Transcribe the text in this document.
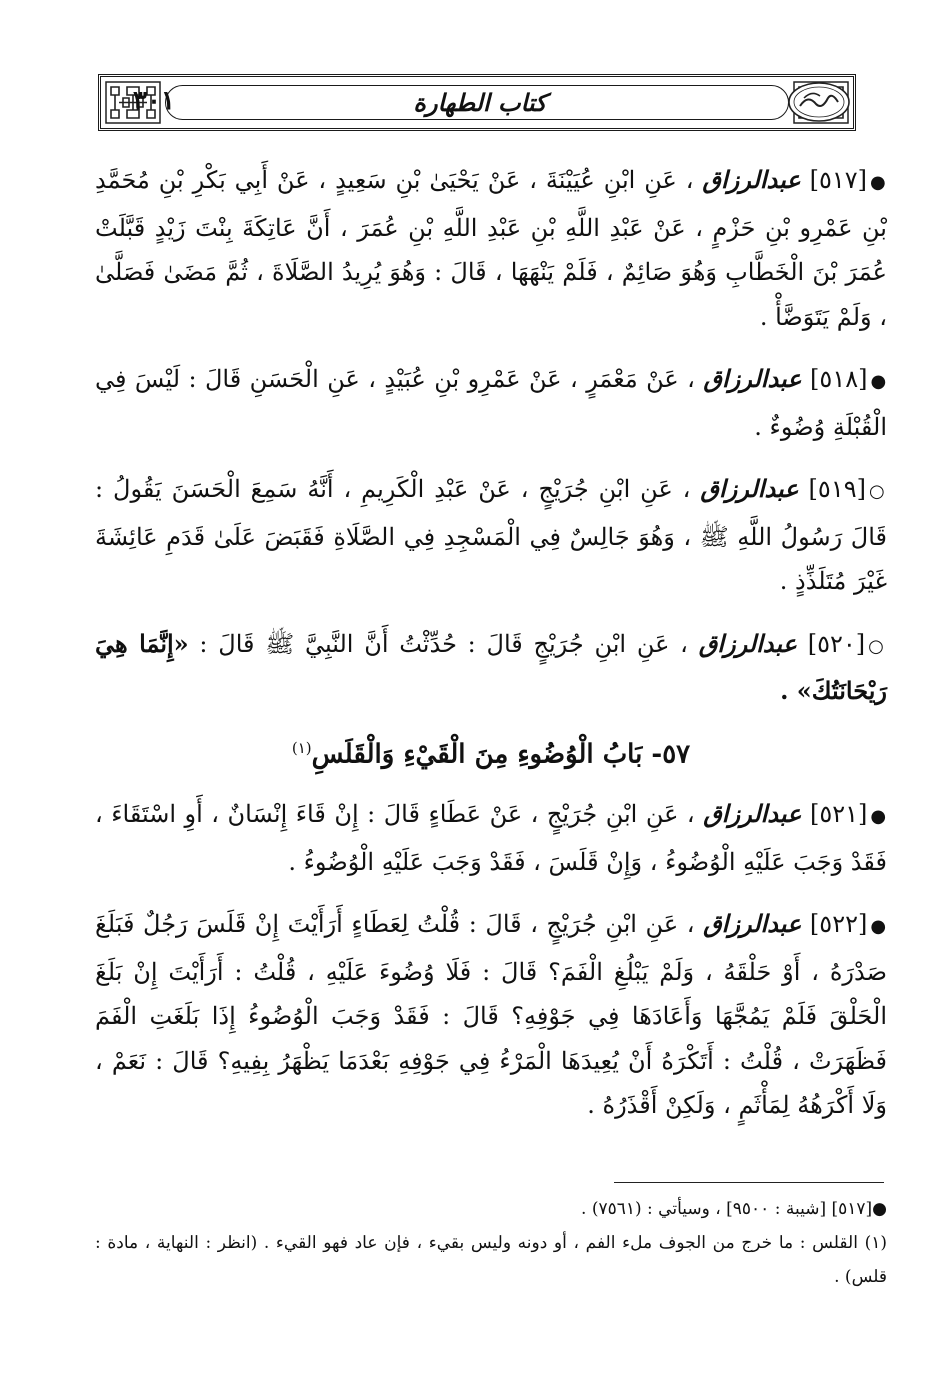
٣٠١	كتاب الطهارة

●[٥١٧] عبدالرزاق ، عَنِ ابْنِ عُيَيْنَةَ ، عَنْ يَحْيَىٰ بْنِ سَعِيدٍ ، عَنْ أَبِي بَكْرِ بْنِ مُحَمَّدِ بْنِ عَمْرِو بْنِ حَزْمٍ ، عَنْ عَبْدِ اللَّهِ بْنِ عَبْدِ اللَّهِ بْنِ عُمَرَ ، أَنَّ عَاتِكَةَ بِنْتَ زَيْدٍ قَبَّلَتْ عُمَرَ بْنَ الْخَطَّابِ وَهُوَ صَائِمٌ ، فَلَمْ يَنْهَهَا ، قَالَ : وَهُوَ يُرِيدُ الصَّلَاةَ ، ثُمَّ مَضَىٰ فَصَلَّىٰ ، وَلَمْ يَتَوَضَّأْ .

●[٥١٨] عبدالرزاق ، عَنْ مَعْمَرٍ ، عَنْ عَمْرِو بْنِ عُبَيْدٍ ، عَنِ الْحَسَنِ قَالَ : لَيْسَ فِي الْقُبْلَةِ وُضُوءٌ .

○[٥١٩] عبدالرزاق ، عَنِ ابْنِ جُرَيْجٍ ، عَنْ عَبْدِ الْكَرِيمِ ، أَنَّهُ سَمِعَ الْحَسَنَ يَقُولُ : قَالَ رَسُولُ اللَّهِ ﷺ ، وَهُوَ جَالِسٌ فِي الْمَسْجِدِ فِي الصَّلَاةِ فَقَبَضَ عَلَىٰ قَدَمِ عَائِشَةَ غَيْرَ مُتَلَذِّذٍ .

○[٥٢٠] عبدالرزاق ، عَنِ ابْنِ جُرَيْجٍ قَالَ : حُدِّثْتُ أَنَّ النَّبِيَّ ﷺ قَالَ : «إِنَّمَا هِيَ رَيْحَانَتُكَ» .

٥٧- بَابُ الْوُضُوءِ مِنَ الْقَيْءِ وَالْقَلَسِ$^{(١)}$

●[٥٢١] عبدالرزاق ، عَنِ ابْنِ جُرَيْجٍ ، عَنْ عَطَاءٍ قَالَ : إِنْ قَاءَ إِنْسَانٌ ، أَوِ اسْتَقَاءَ ، فَقَدْ وَجَبَ عَلَيْهِ الْوُضُوءُ ، وَإِنْ قَلَسَ ، فَقَدْ وَجَبَ عَلَيْهِ الْوُضُوءُ .

●[٥٢٢] عبدالرزاق ، عَنِ ابْنِ جُرَيْجٍ ، قَالَ : قُلْتُ لِعَطَاءٍ أَرَأَيْتَ إِنْ قَلَسَ رَجُلٌ فَبَلَغَ صَدْرَهُ ، أَوْ حَلْقَهُ ، وَلَمْ يَبْلُغِ الْفَمَ؟ قَالَ : فَلَا وُضُوءَ عَلَيْهِ ، قُلْتُ : أَرَأَيْتَ إِنْ بَلَغَ الْحَلْقَ فَلَمْ يَمُجَّهَا وَأَعَادَهَا فِي جَوْفِهِ؟ قَالَ : فَقَدْ وَجَبَ الْوُضُوءُ إِذَا بَلَغَتِ الْفَمَ فَظَهَرَتْ ، قُلْتُ : أَتَكْرَهُ أَنْ يُعِيدَهَا الْمَرْءُ فِي جَوْفِهِ بَعْدَمَا يَظْهَرُ بِفِيهِ؟ قَالَ : نَعَمْ ، وَلَا أَكْرَهُهُ لِمَأْثَمٍ ، وَلَكِنْ أَقْذَرُهُ .

●[٥١٧] [شيبة : ٩٥٠٠] ، وسيأتي : (٧٥٦١) .

(١) القلس : ما خرج من الجوف ملء الفم ، أو دونه وليس بقيء ، فإن عاد فهو القيء . (انظر : النهاية ، مادة : قلس) .
